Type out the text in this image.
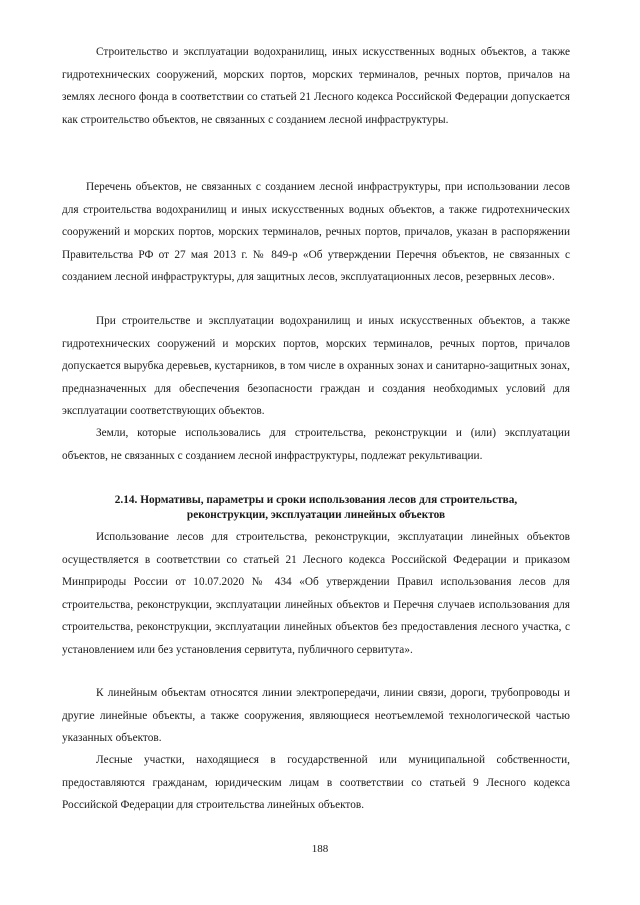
Строительство и эксплуатации водохранилищ, иных искусственных водных объектов, а также гидротехнических сооружений, морских портов, морских терминалов, речных портов, причалов на землях лесного фонда в соответствии со статьей 21 Лесного кодекса Российской Федерации допускается как строительство объектов, не связанных с созданием лесной инфраструктуры.

Перечень объектов, не связанных с созданием лесной инфраструктуры, при использовании лесов для строительства водохранилищ и иных искусственных водных объектов, а также гидротехнических сооружений и морских портов, морских терминалов, речных портов, причалов, указан в распоряжении Правительства РФ от 27 мая 2013 г. № 849-р «Об утверждении Перечня объектов, не связанных с созданием лесной инфраструктуры, для защитных лесов, эксплуатационных лесов, резервных лесов».

При строительстве и эксплуатации водохранилищ и иных искусственных объектов, а также гидротехнических сооружений и морских портов, морских терминалов, речных портов, причалов допускается вырубка деревьев, кустарников, в том числе в охранных зонах и санитарно-защитных зонах, предназначенных для обеспечения безопасности граждан и создания необходимых условий для эксплуатации соответствующих объектов.

Земли, которые использовались для строительства, реконструкции и (или) эксплуатации объектов, не связанных с созданием лесной инфраструктуры, подлежат рекультивации.

2.14. Нормативы, параметры и сроки использования лесов для строительства,
реконструкции, эксплуатации линейных объектов

Использование лесов для строительства, реконструкции, эксплуатации линейных объектов осуществляется в соответствии со статьей 21 Лесного кодекса Российской Федерации и приказом Минприроды России от 10.07.2020 № 434 «Об утверждении Правил использования лесов для строительства, реконструкции, эксплуатации линейных объектов и Перечня случаев использования для строительства, реконструкции, эксплуатации линейных объектов без предоставления лесного участка, с установлением или без установления сервитута, публичного сервитута».

К линейным объектам относятся линии электропередачи, линии связи, дороги, трубопроводы и другие линейные объекты, а также сооружения, являющиеся неотъемлемой технологической частью указанных объектов.

Лесные участки, находящиеся в государственной или муниципальной собственности, предоставляются гражданам, юридическим лицам в соответствии со статьей 9 Лесного кодекса Российской Федерации для строительства линейных объектов.

188
